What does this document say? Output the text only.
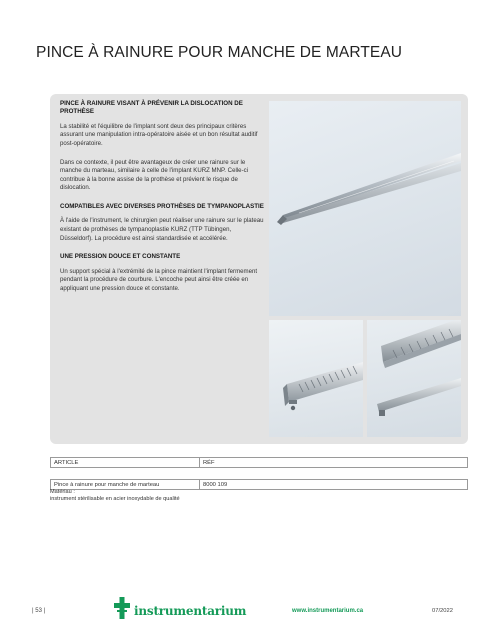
PINCE À RAINURE POUR MANCHE DE MARTEAU
PINCE À RAINURE VISANT À PRÉVENIR LA DISLOCATION DE PROTHÈSE

La stabilité et l'équilibre de l'implant sont deux des principaux critères assurant une manipulation intra-opératoire aisée et un bon résultat auditif post-opératoire.

Dans ce contexte, il peut être avantageux de créer une rainure sur le manche du marteau, similaire à celle de l'implant KURZ MNP. Celle-ci contribue à la bonne assise de la prothèse et prévient le risque de dislocation.

COMPATIBLES AVEC DIVERSES PROTHÈSES DE TYMPANOPLASTIE

À l'aide de l'instrument, le chirurgien peut réaliser une rainure sur le plateau existant de prothèses de tympanoplastie KURZ (TTP Tübingen, Düsseldorf). La procédure est ainsi standardisée et accélérée.

UNE PRESSION DOUCE ET CONSTANTE

Un support spécial à l'extrémité de la pince maintient l'implant fermement pendant la procédure de courbure. L'encoche peut ainsi être créée en appliquant une pression douce et constante.

ARTICLE	RÉF

Pince à rainure pour manche de marteau	8000 109
Matériau :
instrument stérilisable en acier inoxydable de qualité
| 53 |	instrumentarium	www.instrumentarium.ca	07/2022
